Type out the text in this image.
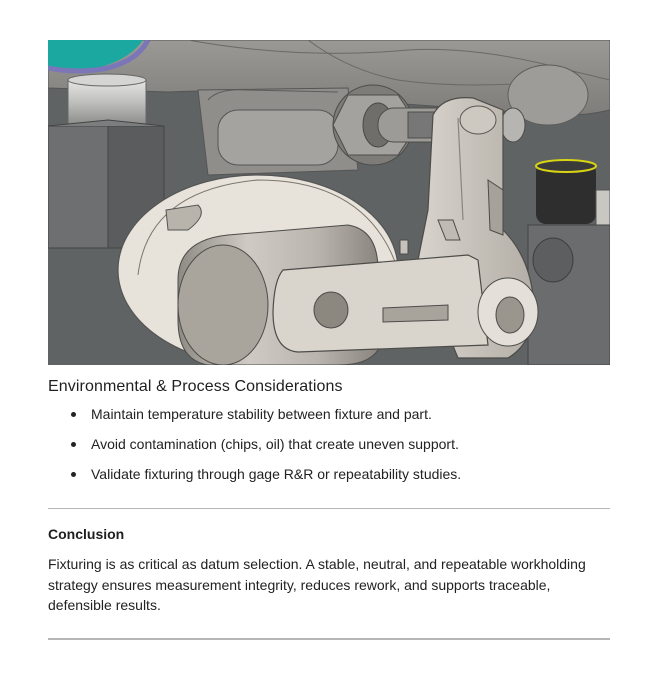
Environmental & Process Considerations
Maintain temperature stability between fixture and part.
Avoid contamination (chips, oil) that create uneven support.
Validate fixturing through gage R&R or repeatability studies.
Conclusion
Fixturing is as critical as datum selection. A stable, neutral, and repeatable workholding strategy ensures measurement integrity, reduces rework, and supports traceable, defensible results.
